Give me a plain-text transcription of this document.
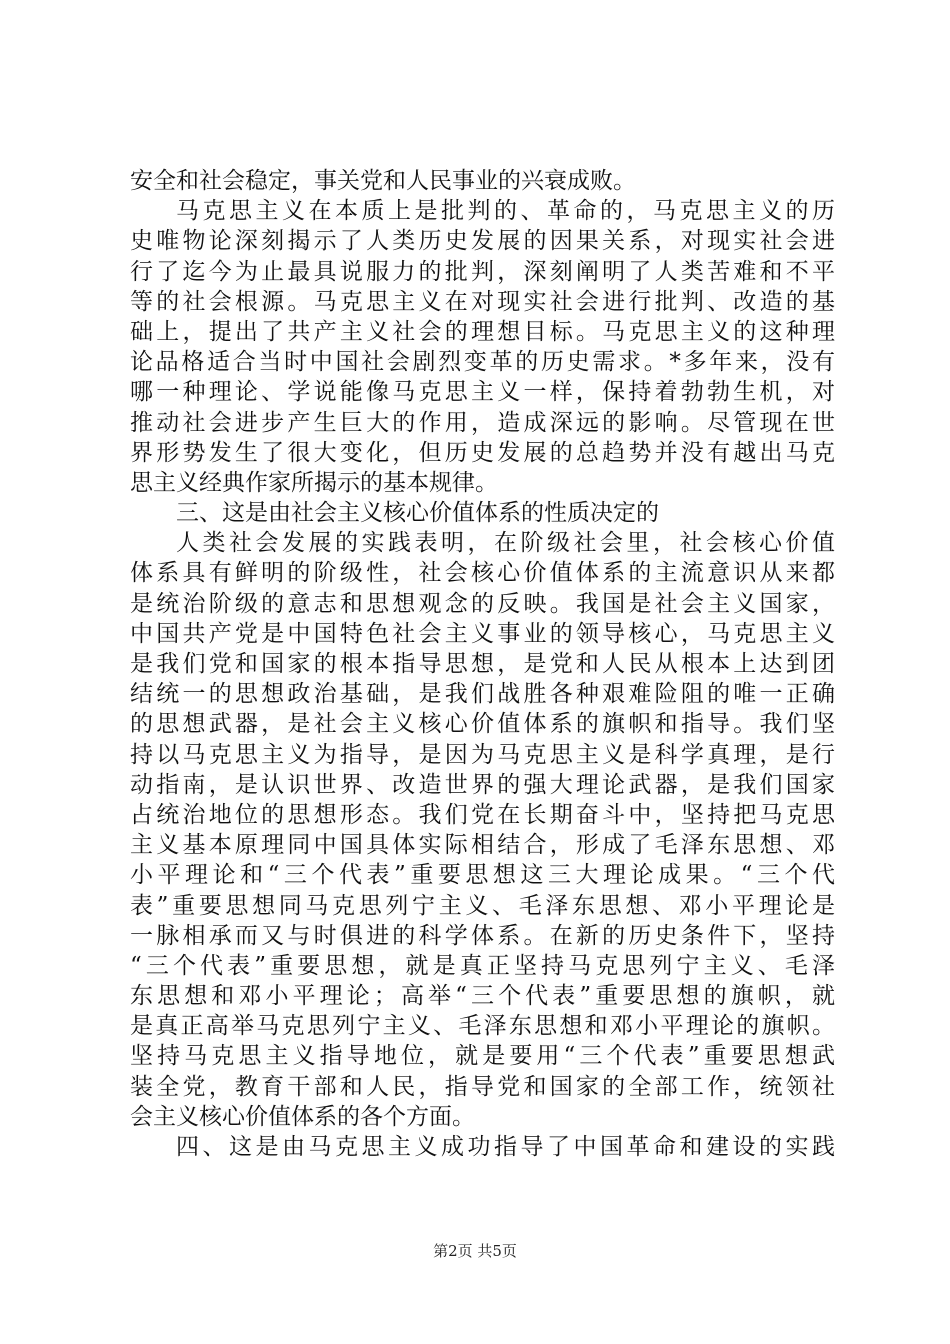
安全和社会稳定，事关党和人民事业的兴衰成败。
马克思主义在本质上是批判的、革命的，马克思主义的历
史唯物论深刻揭示了人类历史发展的因果关系，对现实社会进
行了迄今为止最具说服力的批判，深刻阐明了人类苦难和不平
等的社会根源。马克思主义在对现实社会进行批判、改造的基
础上，提出了共产主义社会的理想目标。马克思主义的这种理
论品格适合当时中国社会剧烈变革的历史需求。*多年来，没有
哪一种理论、学说能像马克思主义一样，保持着勃勃生机，对
推动社会进步产生巨大的作用，造成深远的影响。尽管现在世
界形势发生了很大变化，但历史发展的总趋势并没有越出马克
思主义经典作家所揭示的基本规律。
三、这是由社会主义核心价值体系的性质决定的
人类社会发展的实践表明，在阶级社会里，社会核心价值
体系具有鲜明的阶级性，社会核心价值体系的主流意识从来都
是统治阶级的意志和思想观念的反映。我国是社会主义国家，
中国共产党是中国特色社会主义事业的领导核心，马克思主义
是我们党和国家的根本指导思想，是党和人民从根本上达到团
结统一的思想政治基础，是我们战胜各种艰难险阻的唯一正确
的思想武器，是社会主义核心价值体系的旗帜和指导。我们坚
持以马克思主义为指导，是因为马克思主义是科学真理，是行
动指南，是认识世界、改造世界的强大理论武器，是我们国家
占统治地位的思想形态。我们党在长期奋斗中，坚持把马克思
主义基本原理同中国具体实际相结合，形成了毛泽东思想、邓
小平理论和“三个代表”重要思想这三大理论成果。“三个代
表”重要思想同马克思列宁主义、毛泽东思想、邓小平理论是
一脉相承而又与时俱进的科学体系。在新的历史条件下，坚持
“三个代表”重要思想，就是真正坚持马克思列宁主义、毛泽
东思想和邓小平理论；高举“三个代表”重要思想的旗帜，就
是真正高举马克思列宁主义、毛泽东思想和邓小平理论的旗帜。
坚持马克思主义指导地位，就是要用“三个代表”重要思想武
装全党，教育干部和人民，指导党和国家的全部工作，统领社
会主义核心价值体系的各个方面。
四、这是由马克思主义成功指导了中国革命和建设的实践
第2页 共5页
